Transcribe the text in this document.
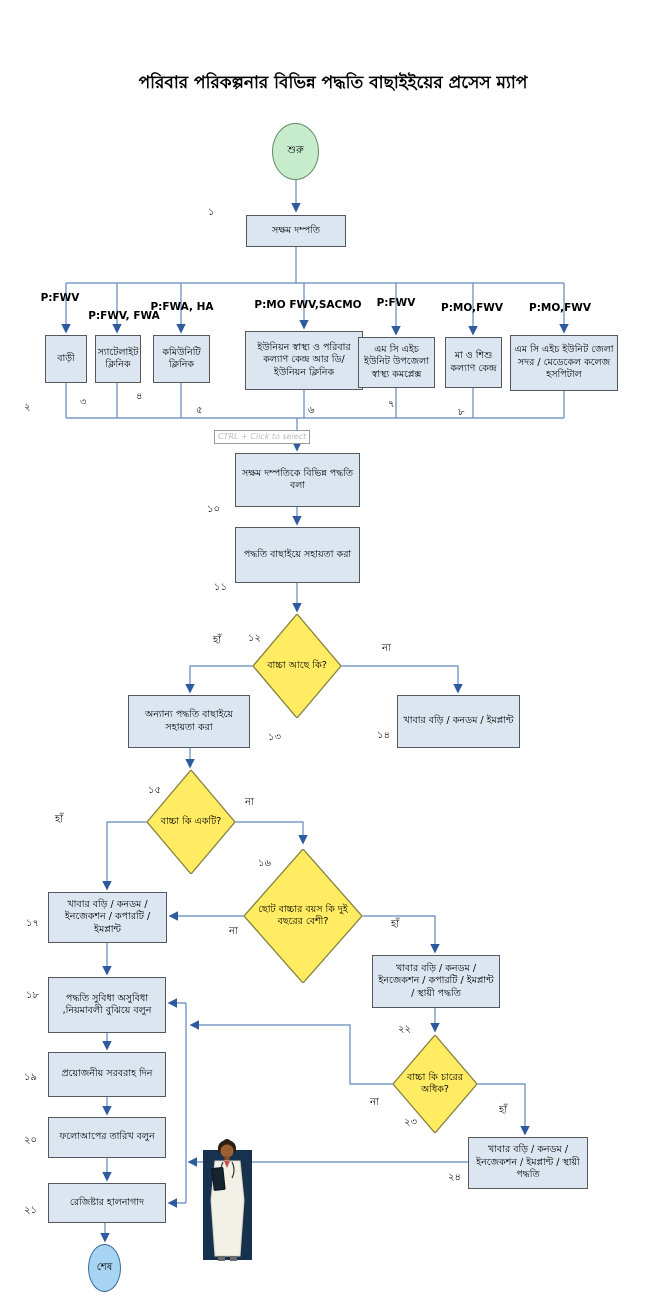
পরিবার পরিকল্পনার বিভিন্ন পদ্ধতি বাছাইইয়ের প্রসেস ম্যাপ
শুরু
শেষ
সক্ষম দম্পতি
বাড়ী
স্যাটেলাইট ক্লিনিক
কমিউনিটি ক্লিনিক
ইউনিয়ন স্বাস্থ্য ও পরিবার কল্যাণ কেন্দ্র আর ডি/ ইউনিয়ন ক্লিনিক
এম সি এইচ ইউনিট উপজেলা স্বাস্থ্য কমপ্লেক্স
মা ও শিশু কল্যাণ কেন্দ্র
এম সি এইচ ইউনিট জেলা সদর / মেডেকেল কলেজ হসপিটাল
সক্ষম দম্পতিকে বিভিন্ন পদ্ধতি বলা
পদ্ধতি বাছাইয়ে সহায়তা করা
অন্যান্য পদ্ধতি বাছাইয়ে সহায়তা করা
খাবার বড়ি / কনডম / ইমপ্লান্ট
খাবার বড়ি / কনডম / ইনজেকশন / কপারটি / ইমপ্লান্ট
পদ্ধতি সুবিধা অসুবিধা ,নিয়মাবলী বুঝিয়ে বলুন
প্রয়োজনীয় সরবরাহ দিন
ফলোআপের তারিখ বলুন
রেজিষ্টার হালনাগাদ
খাবার বড়ি / কনডম / ইনজেকশন / কপারটি / ইমপ্লান্ট / স্থায়ী পদ্ধতি
খাবার বড়ি / কনডম / ইনজেকশন / ইমপ্লান্ট / স্থায়ী পদ্ধতি
বাচ্চা আছে কি?
বাচ্চা কি একটি?
ছোট বাচ্চার বয়স কি দুই বছরের বেশী?
বাচ্চা কি চারের অধিক?
P:FWV
P:FWV, FWA
P:FWA, HA	P:MO FWV,SACMO P:FWV P:MO,FWV P:MO,FWV
১
২	৩
৪
৫	৬
৭
৮
১০
১১
১২
১৩	১৪
১৫
১৬
১৭
১৮
১৯
২০
২১
২২
২৩
২৪
হাঁ
না
হাঁ
না
হাঁ
না
হাঁ
না
CTRL + Click to select
